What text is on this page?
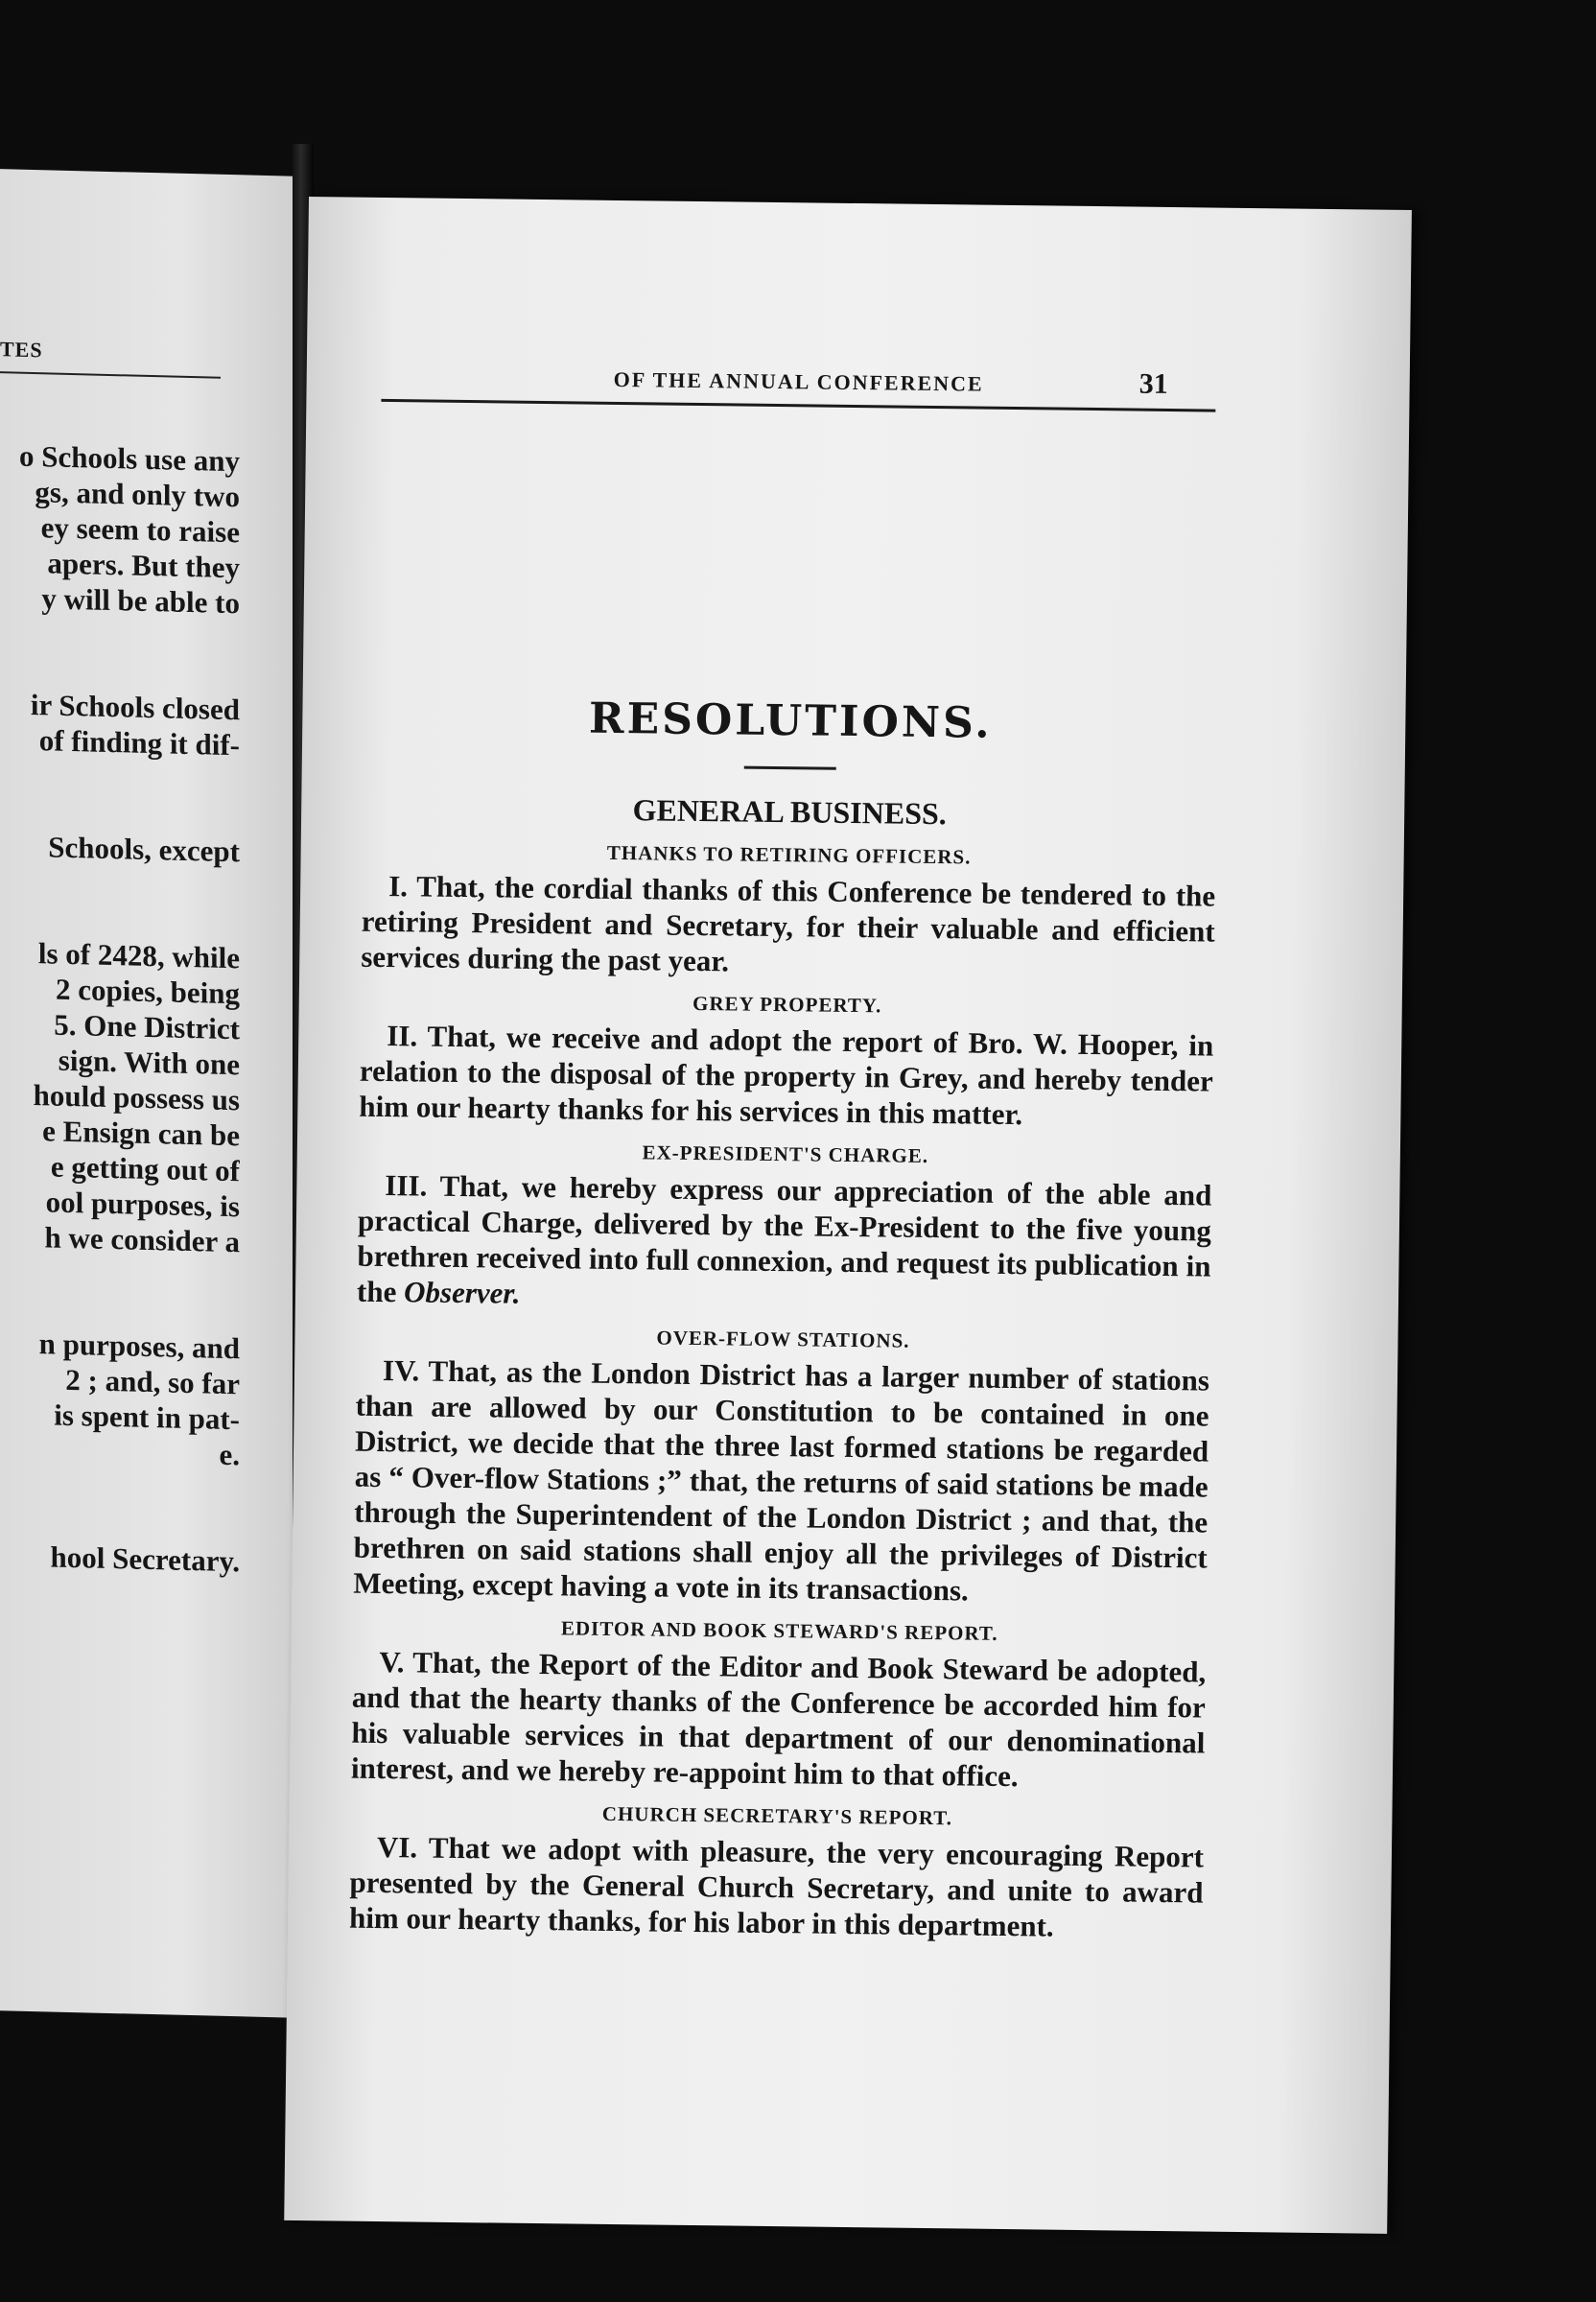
TES
o Schools use any
gs, and only two
ey seem to raise
apers. But they
y will be able to
ir Schools closed
of finding it dif-
Schools, except
ls of 2428, while
2 copies, being
5. One District
sign. With one
hould possess us
e Ensign can be
e getting out of
ool purposes, is
h we consider a
n purposes, and
2 ; and, so far
is spent in pat-
e.
hool Secretary.
OF THE ANNUAL CONFERENCE	31
RESOLUTIONS.
GENERAL BUSINESS.
THANKS TO RETIRING OFFICERS.
I. That, the cordial thanks of this Conference be tendered to the retiring President and Secretary, for their valuable and efficient services during the past year.
GREY PROPERTY.
II. That, we receive and adopt the report of Bro. W. Hooper, in relation to the disposal of the property in Grey, and hereby tender him our hearty thanks for his services in this matter.
EX-PRESIDENT'S CHARGE.
III. That, we hereby express our appreciation of the able and practical Charge, delivered by the Ex-President to the five young brethren received into full connexion, and request its publication in the Observer.
OVER-FLOW STATIONS.
IV. That, as the London District has a larger number of stations than are allowed by our Constitution to be contained in one District, we decide that the three last formed stations be regarded as “ Over-flow Stations ;” that, the returns of said stations be made through the Superintendent of the London District ; and that, the brethren on said stations shall enjoy all the privileges of District Meeting, except having a vote in its transactions.
EDITOR AND BOOK STEWARD'S REPORT.
V. That, the Report of the Editor and Book Steward be adopted, and that the hearty thanks of the Conference be accorded him for his valuable services in that department of our denominational interest, and we hereby re-appoint him to that office.
CHURCH SECRETARY'S REPORT.
VI. That we adopt with pleasure, the very encouraging Report presented by the General Church Secretary, and unite to award him our hearty thanks, for his labor in this department.
